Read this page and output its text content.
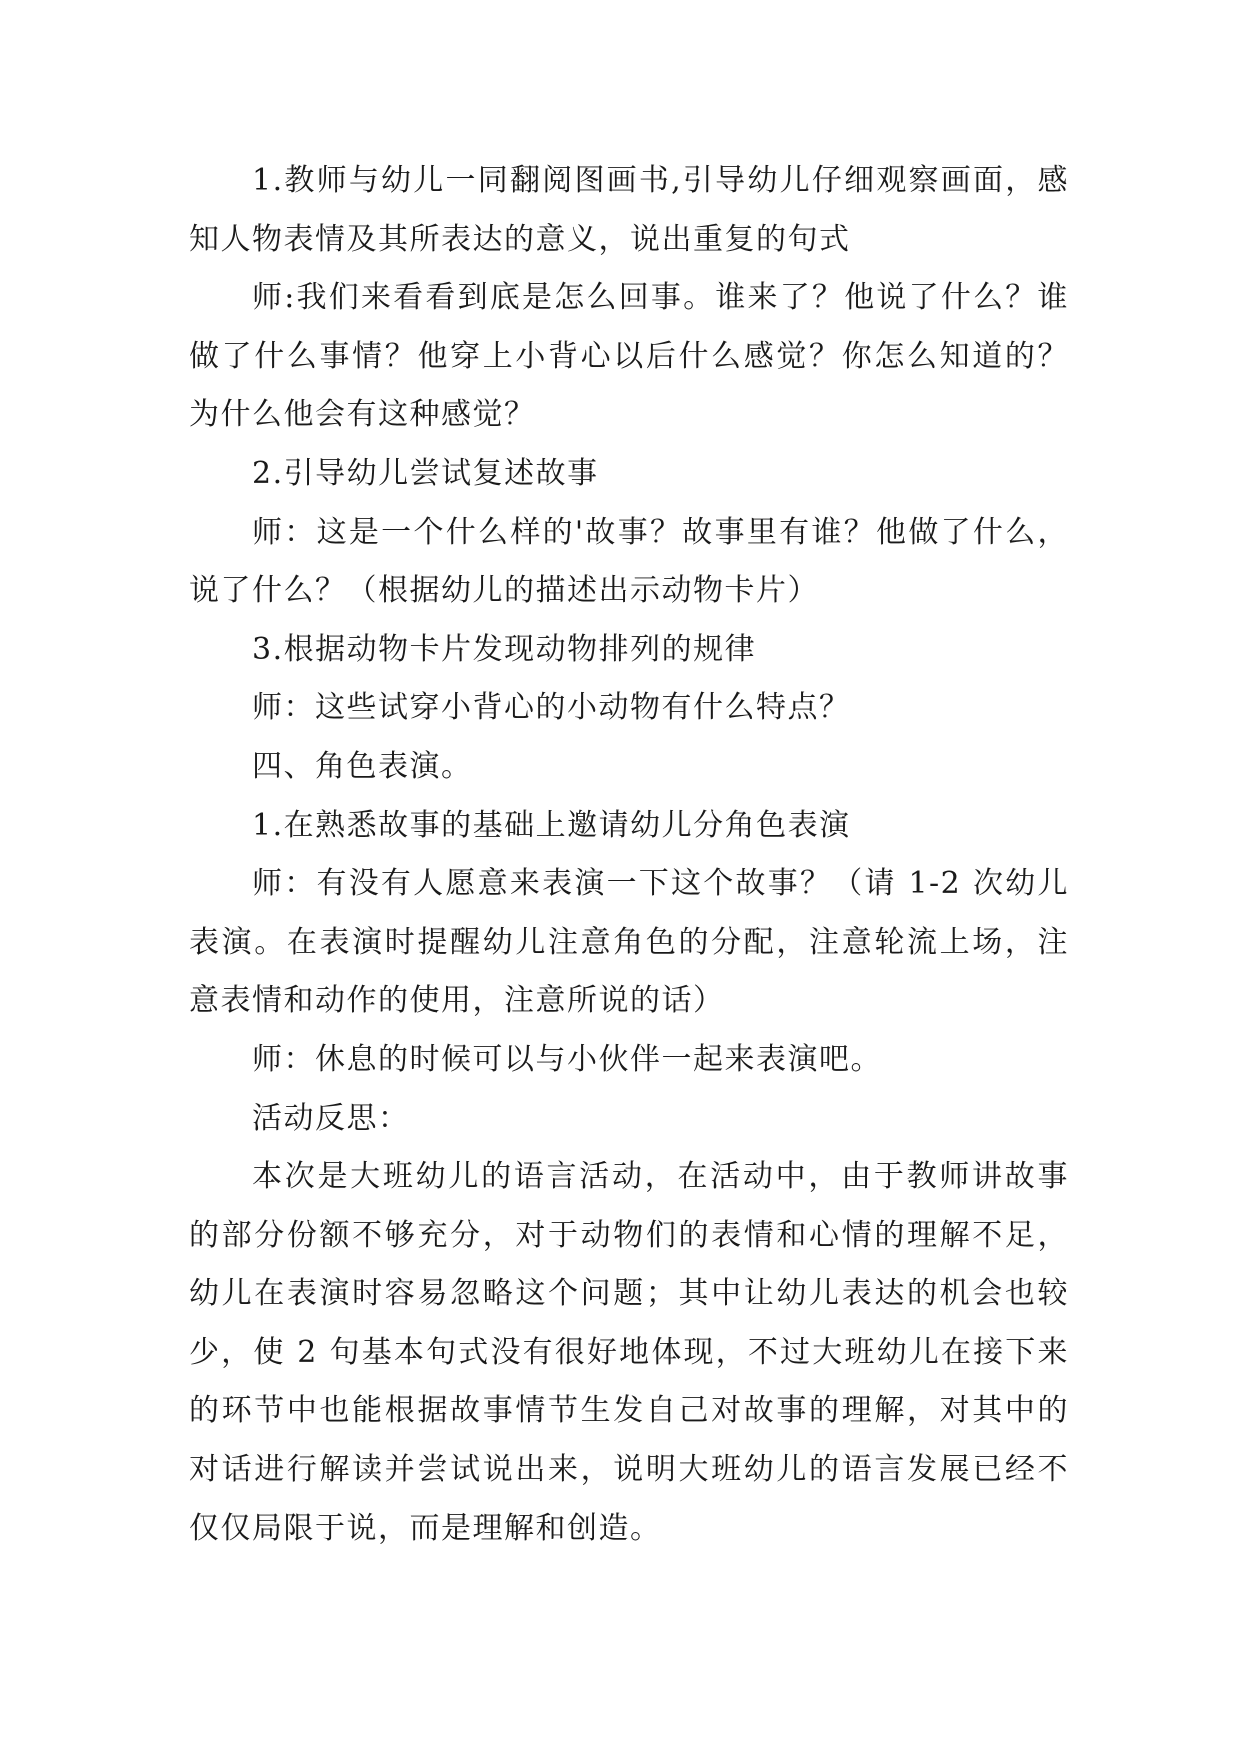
1.教师与幼儿一同翻阅图画书,引导幼儿仔细观察画面，感知人物表情及其所表达的意义，说出重复的句式

师:我们来看看到底是怎么回事。谁来了？他说了什么？谁做了什么事情？他穿上小背心以后什么感觉？你怎么知道的？为什么他会有这种感觉？

2.引导幼儿尝试复述故事

师：这是一个什么样的'故事？故事里有谁？他做了什么，说了什么？（根据幼儿的描述出示动物卡片）

3.根据动物卡片发现动物排列的规律

师：这些试穿小背心的小动物有什么特点？

四、角色表演。

1.在熟悉故事的基础上邀请幼儿分角色表演

师：有没有人愿意来表演一下这个故事？（请 1-2 次幼儿表演。在表演时提醒幼儿注意角色的分配，注意轮流上场，注意表情和动作的使用，注意所说的话）

师：休息的时候可以与小伙伴一起来表演吧。

活动反思：

本次是大班幼儿的语言活动，在活动中，由于教师讲故事的部分份额不够充分，对于动物们的表情和心情的理解不足，幼儿在表演时容易忽略这个问题；其中让幼儿表达的机会也较少，使 2 句基本句式没有很好地体现，不过大班幼儿在接下来的环节中也能根据故事情节生发自己对故事的理解，对其中的对话进行解读并尝试说出来，说明大班幼儿的语言发展已经不仅仅局限于说，而是理解和创造。
